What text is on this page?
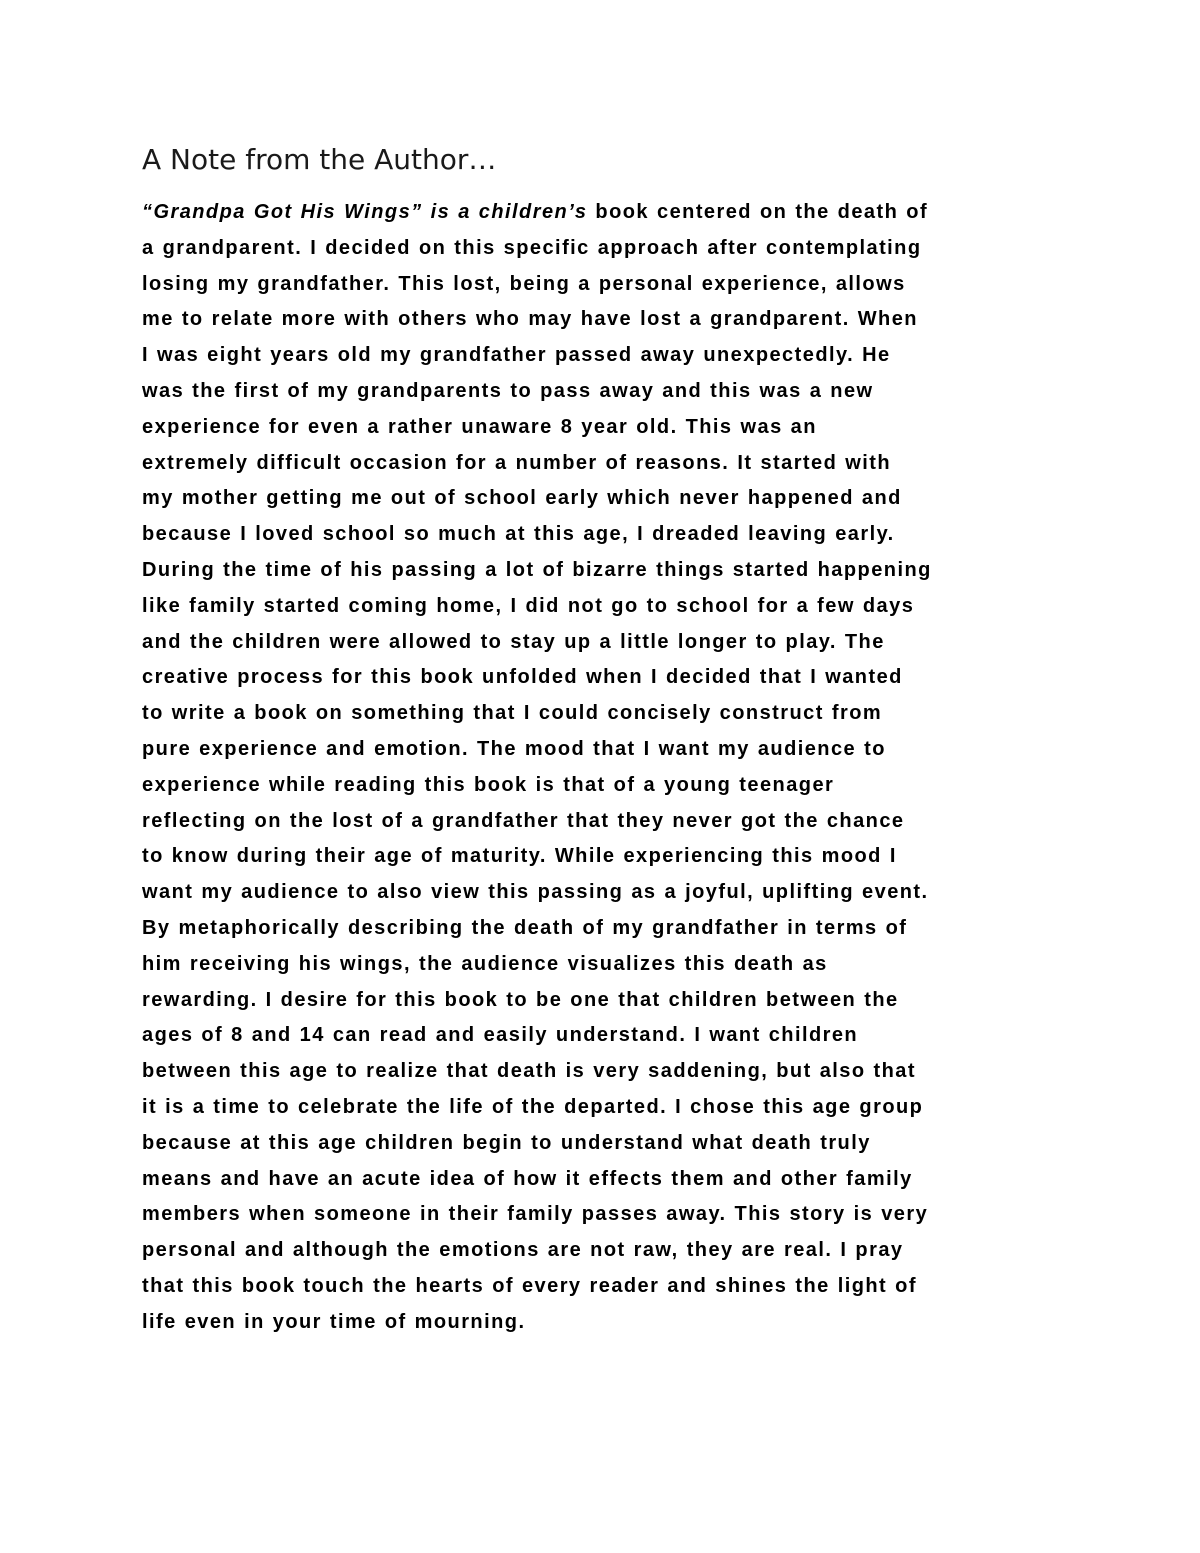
A Note from the Author…
“Grandpa Got His Wings” is a children’s book centered on the death of
a grandparent. I decided on this specific approach after contemplating
losing my grandfather. This lost, being a personal experience, allows
me to relate more with others who may have lost a grandparent. When
I was eight years old my grandfather passed away unexpectedly. He
was the first of my grandparents to pass away and this was a new
experience for even a rather unaware 8 year old. This was an
extremely difficult occasion for a number of reasons. It started with
my mother getting me out of school early which never happened and
because I loved school so much at this age, I dreaded leaving early.
During the time of his passing a lot of bizarre things started happening
like family started coming home, I did not go to school for a few days
and the children were allowed to stay up a little longer to play. The
creative process for this book unfolded when I decided that I wanted
to write a book on something that I could concisely construct from
pure experience and emotion. The mood that I want my audience to
experience while reading this book is that of a young teenager
reflecting on the lost of a grandfather that they never got the chance
to know during their age of maturity. While experiencing this mood I
want my audience to also view this passing as a joyful, uplifting event.
By metaphorically describing the death of my grandfather in terms of
him receiving his wings, the audience visualizes this death as
rewarding. I desire for this book to be one that children between the
ages of 8 and 14 can read and easily understand. I want children
between this age to realize that death is very saddening, but also that
it is a time to celebrate the life of the departed. I chose this age group
because at this age children begin to understand what death truly
means and have an acute idea of how it effects them and other family
members when someone in their family passes away. This story is very
personal and although the emotions are not raw, they are real. I pray
that this book touch the hearts of every reader and shines the light of
life even in your time of mourning.
